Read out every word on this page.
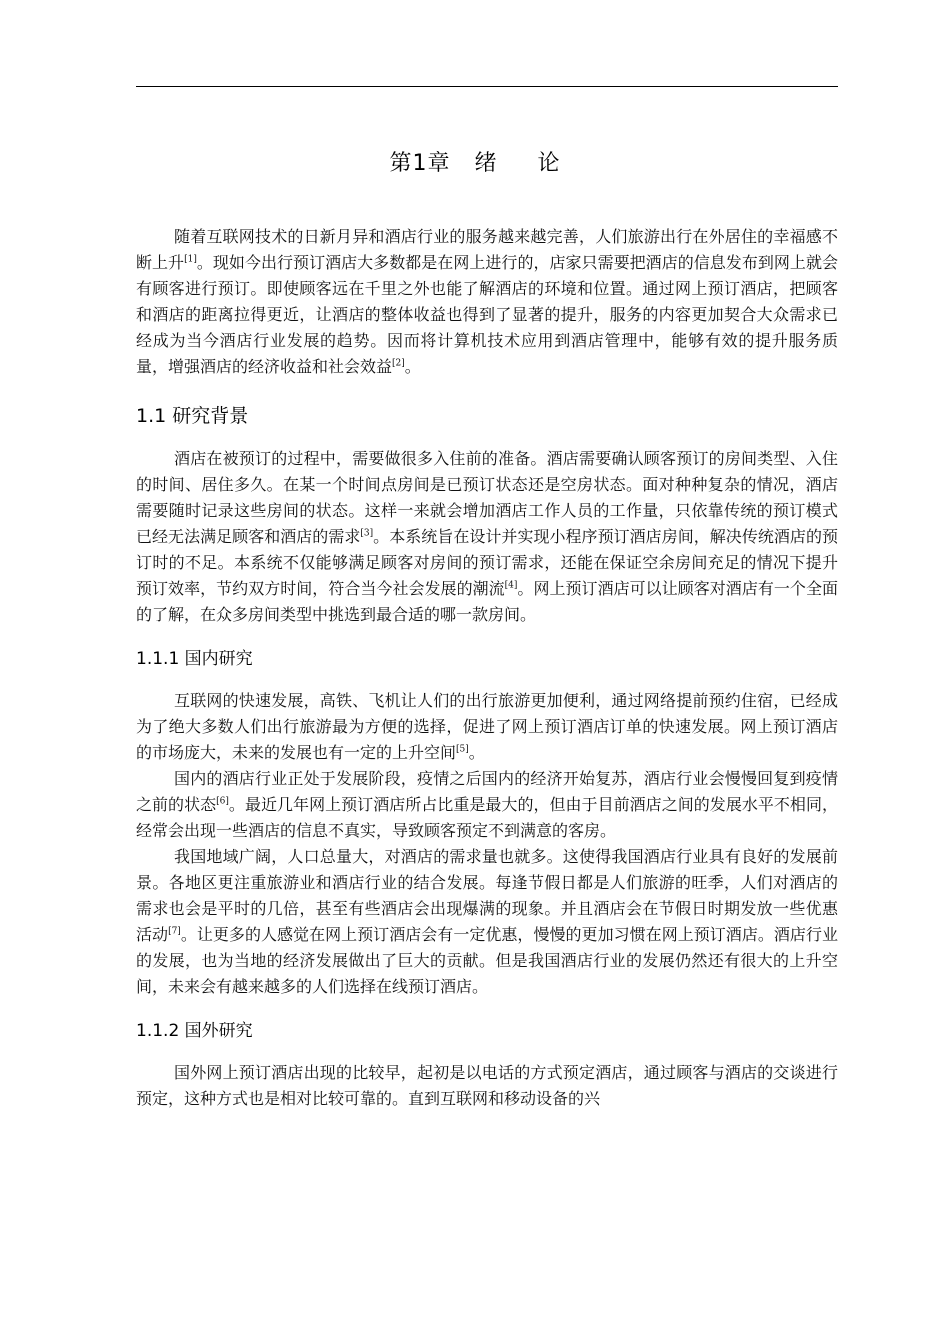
第1章 绪 论

随着互联网技术的日新月异和酒店行业的服务越来越完善，人们旅游出行在外居住的幸福感不断上升[1]。现如今出行预订酒店大多数都是在网上进行的，店家只需要把酒店的信息发布到网上就会有顾客进行预订。即使顾客远在千里之外也能了解酒店的环境和位置。通过网上预订酒店，把顾客和酒店的距离拉得更近，让酒店的整体收益也得到了显著的提升，服务的内容更加契合大众需求已经成为当今酒店行业发展的趋势。因而将计算机技术应用到酒店管理中，能够有效的提升服务质量，增强酒店的经济收益和社会效益[2]。

1.1 研究背景

酒店在被预订的过程中，需要做很多入住前的准备。酒店需要确认顾客预订的房间类型、入住的时间、居住多久。在某一个时间点房间是已预订状态还是空房状态。面对种种复杂的情况，酒店需要随时记录这些房间的状态。这样一来就会增加酒店工作人员的工作量，只依靠传统的预订模式已经无法满足顾客和酒店的需求[3]。本系统旨在设计并实现小程序预订酒店房间，解决传统酒店的预订时的不足。本系统不仅能够满足顾客对房间的预订需求，还能在保证空余房间充足的情况下提升预订效率，节约双方时间，符合当今社会发展的潮流[4]。网上预订酒店可以让顾客对酒店有一个全面的了解，在众多房间类型中挑选到最合适的哪一款房间。

1.1.1 国内研究

互联网的快速发展，高铁、飞机让人们的出行旅游更加便利，通过网络提前预约住宿，已经成为了绝大多数人们出行旅游最为方便的选择，促进了网上预订酒店订单的快速发展。网上预订酒店的市场庞大，未来的发展也有一定的上升空间[5]。

国内的酒店行业正处于发展阶段，疫情之后国内的经济开始复苏，酒店行业会慢慢回复到疫情之前的状态[6]。最近几年网上预订酒店所占比重是最大的，但由于目前酒店之间的发展水平不相同，经常会出现一些酒店的信息不真实，导致顾客预定不到满意的客房。

我国地域广阔，人口总量大，对酒店的需求量也就多。这使得我国酒店行业具有良好的发展前景。各地区更注重旅游业和酒店行业的结合发展。每逢节假日都是人们旅游的旺季，人们对酒店的需求也会是平时的几倍，甚至有些酒店会出现爆满的现象。并且酒店会在节假日时期发放一些优惠活动[7]。让更多的人感觉在网上预订酒店会有一定优惠，慢慢的更加习惯在网上预订酒店。酒店行业的发展，也为当地的经济发展做出了巨大的贡献。但是我国酒店行业的发展仍然还有很大的上升空间，未来会有越来越多的人们选择在线预订酒店。

1.1.2 国外研究

国外网上预订酒店出现的比较早，起初是以电话的方式预定酒店，通过顾客与酒店的交谈进行预定，这种方式也是相对比较可靠的。直到互联网和移动设备的兴
